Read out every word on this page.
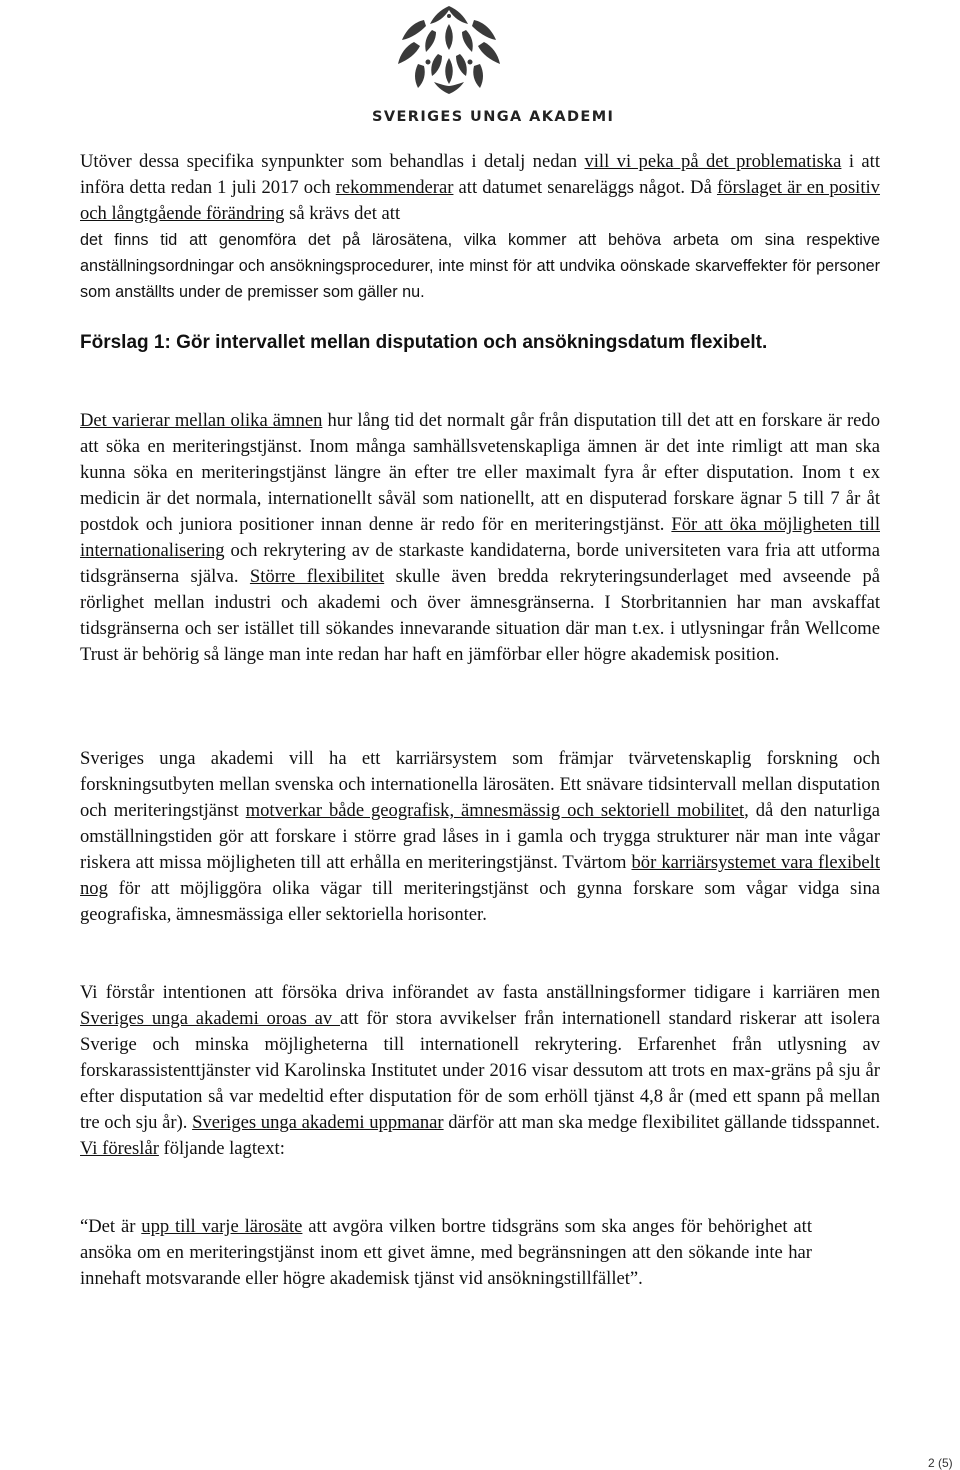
SVERIGES UNGA AKADEMI

Utöver dessa specifika synpunkter som behandlas i detalj nedan vill vi peka på det problematiska i att införa detta redan 1 juli 2017 och rekommenderar att datumet senareläggs något. Då förslaget är en positiv och långtgående förändring så krävs det att

det finns tid att genomföra det på lärosätena, vilka kommer att behöva arbeta om sina respektive anställningsordningar och ansökningsprocedurer, inte minst för att undvika oönskade skarveffekter för personer som anställts under de premisser som gäller nu.

Förslag 1: Gör intervallet mellan disputation och ansökningsdatum flexibelt.

Det varierar mellan olika ämnen hur lång tid det normalt går från disputation till det att en forskare är redo att söka en meriteringstjänst. Inom många samhällsvetenskapliga ämnen är det inte rimligt att man ska kunna söka en meriteringstjänst längre än efter tre eller maximalt fyra år efter disputation. Inom t ex medicin är det normala, internationellt såväl som nationellt, att en disputerad forskare ägnar 5 till 7 år åt postdok och juniora positioner innan denne är redo för en meriteringstjänst. För att öka möjligheten till internationalisering och rekrytering av de starkaste kandidaterna, borde universiteten vara fria att utforma tidsgränserna själva. Större flexibilitet skulle även bredda rekryteringsunderlaget med avseende på rörlighet mellan industri och akademi och över ämnesgränserna. I Storbritannien har man avskaffat tidsgränserna och ser istället till sökandes innevarande situation där man t.ex. i utlysningar från Wellcome Trust är behörig så länge man inte redan har haft en jämförbar eller högre akademisk position.

Sveriges unga akademi vill ha ett karriärsystem som främjar tvärvetenskaplig forskning och forskningsutbyten mellan svenska och internationella lärosäten. Ett snävare tidsintervall mellan disputation och meriteringstjänst motverkar både geografisk, ämnesmässig och sektoriell mobilitet, då den naturliga omställningstiden gör att forskare i större grad låses in i gamla och trygga strukturer när man inte vågar riskera att missa möjligheten till att erhålla en meriteringstjänst. Tvärtom bör karriärsystemet vara flexibelt nog för att möjliggöra olika vägar till meriteringstjänst och gynna forskare som vågar vidga sina geografiska, ämnesmässiga eller sektoriella horisonter.

Vi förstår intentionen att försöka driva införandet av fasta anställningsformer tidigare i karriären men Sveriges unga akademi oroas av att för stora avvikelser från internationell standard riskerar att isolera Sverige och minska möjligheterna till internationell rekrytering. Erfarenhet från utlysning av forskarassistenttjänster vid Karolinska Institutet under 2016 visar dessutom att trots en max-gräns på sju år efter disputation så var medeltid efter disputation för de som erhöll tjänst 4,8 år (med ett spann på mellan tre och sju år). Sveriges unga akademi uppmanar därför att man ska medge flexibilitet gällande tidsspannet. Vi föreslår följande lagtext:

“Det är upp till varje lärosäte att avgöra vilken bortre tidsgräns som ska anges för behörighet att ansöka om en meriteringstjänst inom ett givet ämne, med begränsningen att den sökande inte har innehaft motsvarande eller högre akademisk tjänst vid ansökningstillfället”.

2 (5)
